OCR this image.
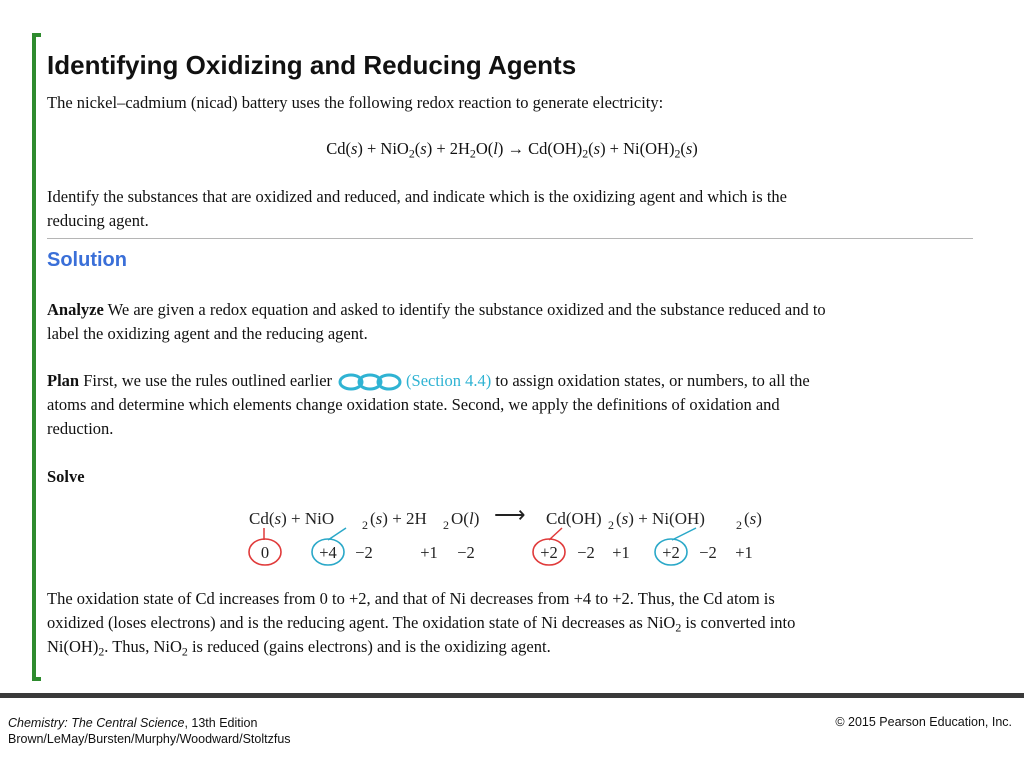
Identifying Oxidizing and Reducing Agents
The nickel–cadmium (nicad) battery uses the following redox reaction to generate electricity:
$Cd(s) + NiO_2(s) + 2H_2O(l) \to Cd(OH)_2(s) + Ni(OH)_2(s)$
Identify the substances that are oxidized and reduced, and indicate which is the oxidizing agent and which is the
reducing agent.
Solution
Analyze We are given a redox equation and asked to identify the substance oxidized and the substance reduced and to
label the oxidizing agent and the reducing agent.
Plan First, we use the rules outlined earlier	(Section 4.4) to assign oxidation states, or numbers, to all the
atoms and determine which elements change oxidation state. Second, we apply the definitions of oxidation and
reduction.
Solve
Cd(s) + NiO 2 (s) + 2H 2 O(l) ⟶ Cd(OH) 2 (s) + Ni(OH)	2 (s)
0	+4 −2	+1 −2	+2 −2 +1 +2 −2 +1
The oxidation state of Cd increases from 0 to +2, and that of Ni decreases from +4 to +2. Thus, the Cd atom is
oxidized (loses electrons) and is the reducing agent. The oxidation state of Ni decreases as NiO$_2$ is converted into
$Ni(OH)_2$. Thus, NiO$_2$ is reduced (gains electrons) and is the oxidizing agent.
Chemistry: The Central Science, 13th Edition
Brown/LeMay/Bursten/Murphy/Woodward/Stoltzfus
© 2015 Pearson Education, Inc.
